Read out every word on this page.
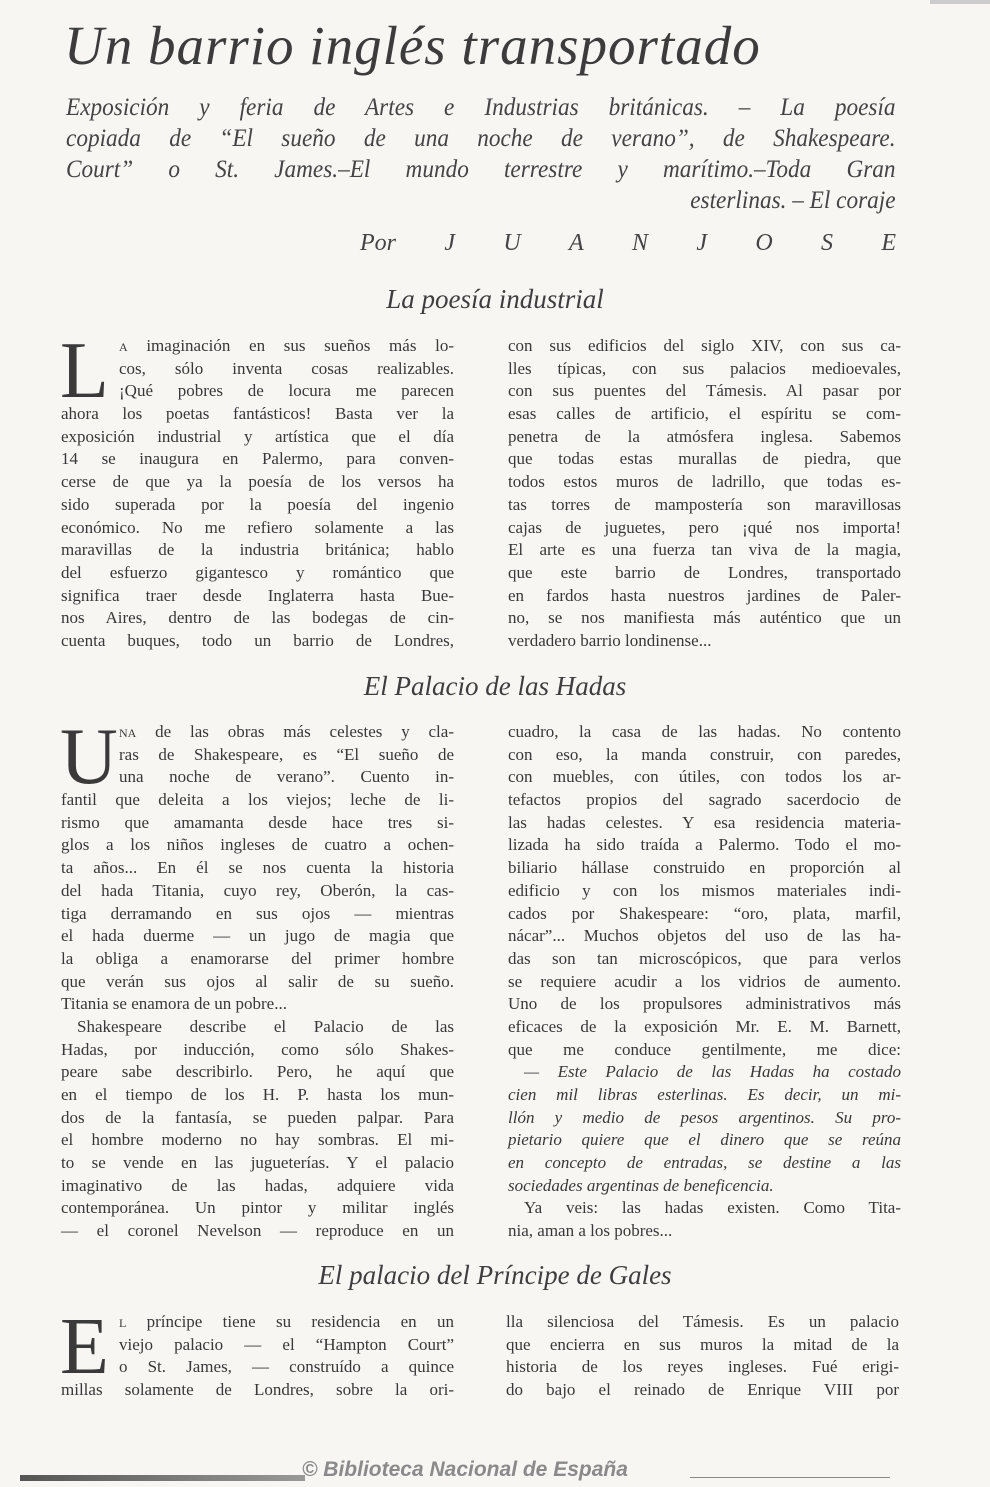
Un barrio inglés transportado
Exposición y feria de Artes e Industrias británicas. – La poesía
copiada de “El sueño de una noche de verano”, de Shakespeare.
Court” o St. James.–El mundo terrestre y marítimo.–Toda Gran
esterlinas. – El coraje
Por J U A N J O S E
La poesía industrial
L a imaginación en sus sueños más lo-
cos, sólo inventa cosas realizables.
¡Qué pobres de locura me parecen
ahora los poetas fantásticos! Basta ver la
exposición industrial y artística que el día
14 se inaugura en Palermo, para conven-
cerse de que ya la poesía de los versos ha
sido superada por la poesía del ingenio
económico. No me refiero solamente a las
maravillas de la industria británica; hablo
del esfuerzo gigantesco y romántico que
significa traer desde Inglaterra hasta Bue-
nos Aires, dentro de las bodegas de cin-
cuenta buques, todo un barrio de Londres,
con sus edificios del siglo XIV, con sus ca-
lles típicas, con sus palacios medioevales,
con sus puentes del Támesis. Al pasar por
esas calles de artificio, el espíritu se com-
penetra de la atmósfera inglesa. Sabemos
que todas estas murallas de piedra, que
todos estos muros de ladrillo, que todas es-
tas torres de mampostería son maravillosas
cajas de juguetes, pero ¡qué nos importa!
El arte es una fuerza tan viva de la magia,
que este barrio de Londres, transportado
en fardos hasta nuestros jardines de Paler-
no, se nos manifiesta más auténtico que un
verdadero barrio londinense...
El Palacio de las Hadas
U na de las obras más celestes y cla-
ras de Shakespeare, es “El sueño de
una noche de verano”. Cuento in-
fantil que deleita a los viejos; leche de li-
rismo que amamanta desde hace tres si-
glos a los niños ingleses de cuatro a ochen-
ta años... En él se nos cuenta la historia
del hada Titania, cuyo rey, Oberón, la cas-
tiga derramando en sus ojos — mientras
el hada duerme — un jugo de magia que
la obliga a enamorarse del primer hombre
que verán sus ojos al salir de su sueño.
Titania se enamora de un pobre...
Shakespeare describe el Palacio de las
Hadas, por inducción, como sólo Shakes-
peare sabe describirlo. Pero, he aquí que
en el tiempo de los H. P. hasta los mun-
dos de la fantasía, se pueden palpar. Para
el hombre moderno no hay sombras. El mi-
to se vende en las jugueterías. Y el palacio
imaginativo de las hadas, adquiere vida
contemporánea. Un pintor y militar inglés
— el coronel Nevelson — reproduce en un
cuadro, la casa de las hadas. No contento
con eso, la manda construir, con paredes,
con muebles, con útiles, con todos los ar-
tefactos propios del sagrado sacerdocio de
las hadas celestes. Y esa residencia materia-
lizada ha sido traída a Palermo. Todo el mo-
biliario hállase construido en proporción al
edificio y con los mismos materiales indi-
cados por Shakespeare: “oro, plata, marfil,
nácar”... Muchos objetos del uso de las ha-
das son tan microscópicos, que para verlos
se requiere acudir a los vidrios de aumento.
Uno de los propulsores administrativos más
eficaces de la exposición Mr. E. M. Barnett,
que me conduce gentilmente, me dice:
— Este Palacio de las Hadas ha costado
cien mil libras esterlinas. Es decir, un mi-
llón y medio de pesos argentinos. Su pro-
pietario quiere que el dinero que se reúna
en concepto de entradas, se destine a las
sociedades argentinas de beneficencia.
Ya veis: las hadas existen. Como Tita-
nia, aman a los pobres...
El palacio del Príncipe de Gales
E l príncipe tiene su residencia en un
viejo palacio — el “Hampton Court”
o St. James, — construído a quince
millas solamente de Londres, sobre la ori-
lla silenciosa del Támesis. Es un palacio
que encierra en sus muros la mitad de la
historia de los reyes ingleses. Fué erigi-
do bajo el reinado de Enrique VIII por
© Biblioteca Nacional de España
